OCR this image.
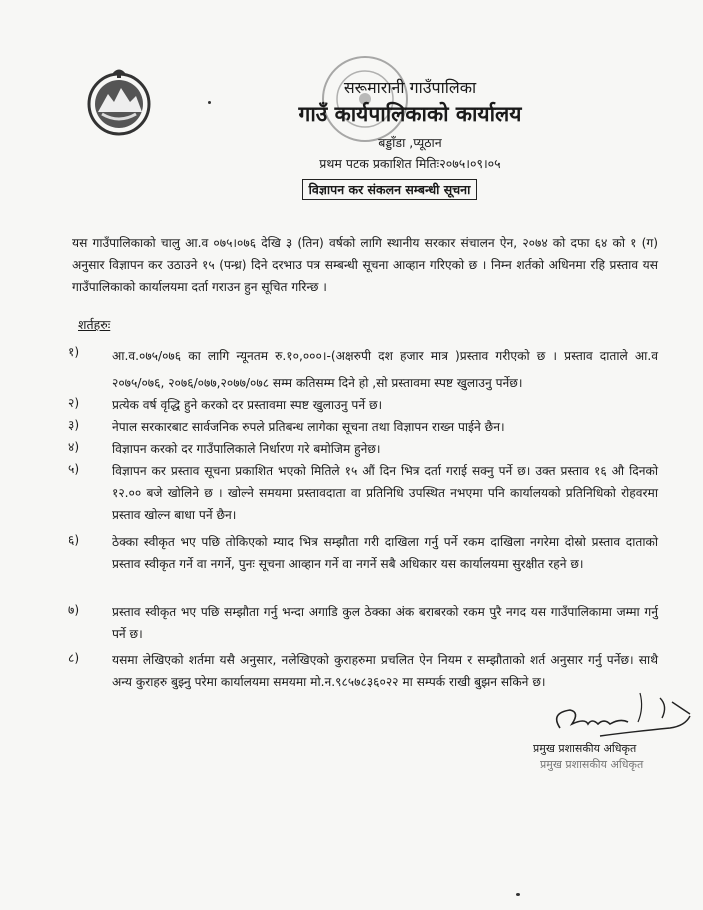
सरूमारानी गाउँपालिका
गाउँ कार्यपालिकाको कार्यालय
बड्डाँडा ,प्यूठान
प्रथम पटक प्रकाशित मितिः२०७५।०९।०५
विज्ञापन कर संकलन सम्बन्धी सूचना
यस गाउँपालिकाको चालु आ.व ०७५।०७६ देखि ३ (तिन) वर्षको लागि स्थानीय सरकार संचालन ऐन, २०७४ को दफा ६४ को १ (ग) अनुसार विज्ञापन कर उठाउने १५ (पन्ध्र) दिने दरभाउ पत्र सम्बन्धी सूचना आव्हान गरिएको छ । निम्न शर्तको अधिनमा रहि प्रस्ताव यस गाउँपालिकाको कार्यालयमा दर्ता गराउन हुन सूचित गरिन्छ ।
शर्तहरुः
१)	आ.व.०७५/०७६ का लागि न्यूनतम रु.१०,०००।-(अक्षरुपी दश हजार मात्र )प्रस्ताव गरीएको छ । प्रस्ताव दाताले आ.व २०७५/०७६, २०७६/०७७,२०७७/०७८ सम्म कतिसम्म दिने हो ,सो प्रस्तावमा स्पष्ट खुलाउनु पर्नेछ।
२)	प्रत्येक वर्ष वृद्धि हुने करको दर प्रस्तावमा स्पष्ट खुलाउनु पर्ने छ।
३)	नेपाल सरकारबाट सार्वजनिक रुपले प्रतिबन्ध लागेका सूचना तथा विज्ञापन राख्न पाईने छैन।
४)	विज्ञापन करको दर गाउँपालिकाले निर्धारण गरे बमोजिम हुनेछ।
५)	विज्ञापन कर प्रस्ताव सूचना प्रकाशित भएको मितिले १५ औं दिन भित्र दर्ता गराई सक्नु पर्ने छ। उक्त प्रस्ताव १६ औ दिनको १२.०० बजे खोलिने छ । खोल्ने समयमा प्रस्तावदाता वा प्रतिनिधि उपस्थित नभएमा पनि कार्यालयको प्रतिनिधिको रोहवरमा प्रस्ताव खोल्न बाधा पर्ने छैन।
६)	ठेक्का स्वीकृत भए पछि तोकिएको म्याद भित्र सम्झौता गरी दाखिला गर्नु पर्ने रकम दाखिला नगरेमा दोस्रो प्रस्ताव दाताको प्रस्ताव स्वीकृत गर्ने वा नगर्ने, पुनः सूचना आव्हान गर्ने वा नगर्ने सबै अधिकार यस कार्यालयमा सुरक्षीत रहने छ।
७)	प्रस्ताव स्वीकृत भए पछि सम्झौता गर्नु भन्दा अगाडि कुल ठेक्का अंक बराबरको रकम पुरै नगद यस गाउँपालिकामा जम्मा गर्नु पर्ने छ।
८)	यसमा लेखिएको शर्तमा यसै अनुसार, नलेखिएको कुराहरुमा प्रचलित ऐन नियम र सम्झौताको शर्त अनुसार गर्नु पर्नेछ। साथै अन्य कुराहरु बुझ्नु परेमा कार्यालयमा समयमा मो.न.९८५७८३६०२२ मा सम्पर्क राखी बुझन सकिने छ।
प्रमुख प्रशासकीय अधिकृत
प्रमुख प्रशासकीय अधिकृत
